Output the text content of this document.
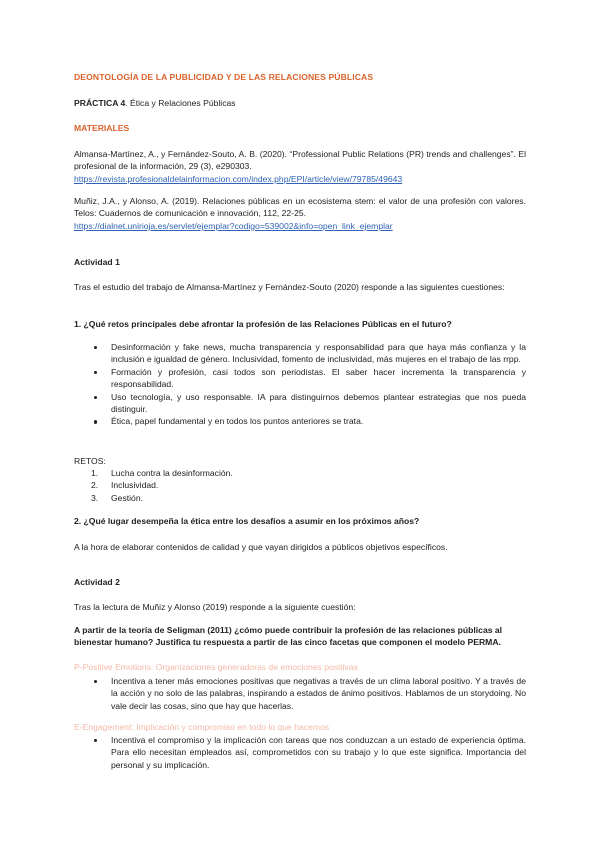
DEONTOLOGÍA DE LA PUBLICIDAD Y DE LAS RELACIONES PÚBLICAS
PRÁCTICA 4. Ética y Relaciones Públicas
MATERIALES
Almansa-Martínez, A., y Fernández-Souto, A. B. (2020). “Professional Public Relations (PR) trends and challenges”. El profesional de la información, 29 (3), e290303.
https://revista.profesionaldelainformacion.com/index.php/EPI/article/view/79785/49643
Muñiz, J.A., y Alonso, A. (2019). Relaciones públicas en un ecosistema stem: el valor de una profesión con valores. Telos: Cuadernos de comunicación e innovación, 112, 22-25.
https://dialnet.unirioja.es/servlet/ejemplar?codigo=539002&info=open_link_ejemplar
Actividad 1
Tras el estudio del trabajo de Almansa-Martínez y Fernández-Souto (2020) responde a las siguientes cuestiones:
1. ¿Qué retos principales debe afrontar la profesión de las Relaciones Públicas en el futuro?
Desinformación y fake news, mucha transparencia y responsabilidad para que haya más confianza y la inclusión e igualdad de género. Inclusividad, fomento de inclusividad, más mujeres en el trabajo de las rrpp.
Formación y profesión, casi todos son periodistas. El saber hacer incrementa la transparencia y responsabilidad.
Uso tecnología, y uso responsable. IA para distinguirnos debemos plantear estrategias que nos pueda distinguir.
Ética, papel fundamental y en todos los puntos anteriores se trata.
RETOS:
1. Lucha contra la desinformación.
2. Inclusividad.
3. Gestión.
2. ¿Qué lugar desempeña la ética entre los desafíos a asumir en los próximos años?
A la hora de elaborar contenidos de calidad y que vayan dirigidos a públicos objetivos específicos.
Actividad 2
Tras la lectura de Muñiz y Alonso (2019) responde a la siguiente cuestión:
A partir de la teoría de Seligman (2011) ¿cómo puede contribuir la profesión de las relaciones públicas al bienestar humano? Justifica tu respuesta a partir de las cinco facetas que componen el modelo PERMA.
P-Positive Emotions: Organizaciones generadoras de emociones positivas
Incentiva a tener más emociones positivas que negativas a través de un clima laboral positivo. Y a través de la acción y no solo de las palabras, inspirando a estados de ánimo positivos. Hablamos de un storydoing. No vale decir las cosas, sino que hay que hacerlas.
E-Engagement: Implicación y compromiso en todo lo que hacemos
Incentiva el compromiso y la implicación con tareas que nos conduzcan a un estado de experiencia óptima. Para ello necesitan empleados así, comprometidos con su trabajo y lo que este significa. Importancia del personal y su implicación.
